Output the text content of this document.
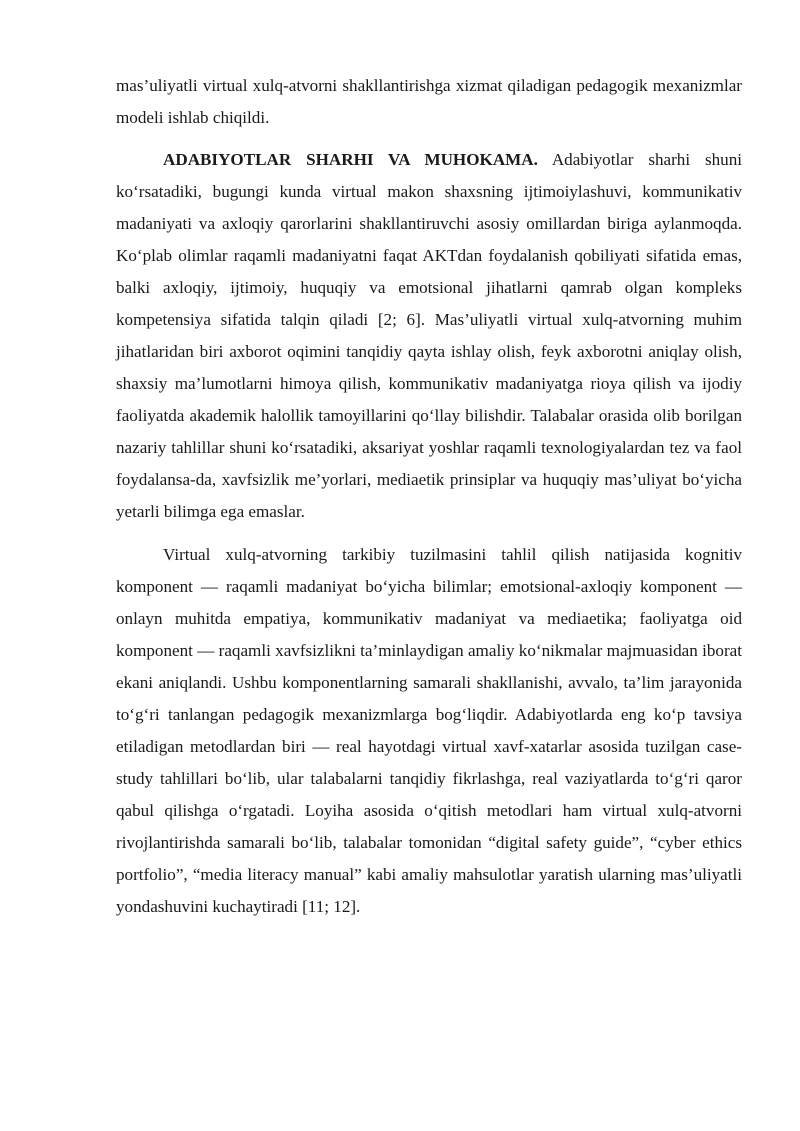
mas’uliyatli virtual xulq-atvorni shakllantirishga xizmat qiladigan pedagogik mexanizmlar modeli ishlab chiqildi.

ADABIYOTLAR SHARHI VA MUHOKAMA. Adabiyotlar sharhi shuni ko‘rsatadiki, bugungi kunda virtual makon shaxsning ijtimoiylashuvi, kommunikativ madaniyati va axloqiy qarorlarini shakllantiruvchi asosiy omillardan biriga aylanmoqda. Ko‘plab olimlar raqamli madaniyatni faqat AKTdan foydalanish qobiliyati sifatida emas, balki axloqiy, ijtimoiy, huquqiy va emotsional jihatlarni qamrab olgan kompleks kompetensiya sifatida talqin qiladi [2; 6]. Mas’uliyatli virtual xulq-atvorning muhim jihatlaridan biri axborot oqimini tanqidiy qayta ishlay olish, feyk axborotni aniqlay olish, shaxsiy ma’lumotlarni himoya qilish, kommunikativ madaniyatga rioya qilish va ijodiy faoliyatda akademik halollik tamoyillarini qo‘llay bilishdir. Talabalar orasida olib borilgan nazariy tahlillar shuni ko‘rsatadiki, aksariyat yoshlar raqamli texnologiyalardan tez va faol foydalansa-da, xavfsizlik me’yorlari, mediaetik prinsiplar va huquqiy mas’uliyat bo‘yicha yetarli bilimga ega emaslar.

Virtual xulq-atvorning tarkibiy tuzilmasini tahlil qilish natijasida kognitiv komponent — raqamli madaniyat bo‘yicha bilimlar; emotsional-axloqiy komponent — onlayn muhitda empatiya, kommunikativ madaniyat va mediaetika; faoliyatga oid komponent — raqamli xavfsizlikni ta’minlaydigan amaliy ko‘nikmalar majmuasidan iborat ekani aniqlandi. Ushbu komponentlarning samarali shakllanishi, avvalo, ta’lim jarayonida to‘g‘ri tanlangan pedagogik mexanizmlarga bog‘liqdir. Adabiyotlarda eng ko‘p tavsiya etiladigan metodlardan biri — real hayotdagi virtual xavf-xatarlar asosida tuzilgan case-study tahlillari bo‘lib, ular talabalarni tanqidiy fikrlashga, real vaziyatlarda to‘g‘ri qaror qabul qilishga o‘rgatadi. Loyiha asosida o‘qitish metodlari ham virtual xulq-atvorni rivojlantirishda samarali bo‘lib, talabalar tomonidan “digital safety guide”, “cyber ethics portfolio”, “media literacy manual” kabi amaliy mahsulotlar yaratish ularning mas’uliyatli yondashuvini kuchaytiradi [11; 12].
